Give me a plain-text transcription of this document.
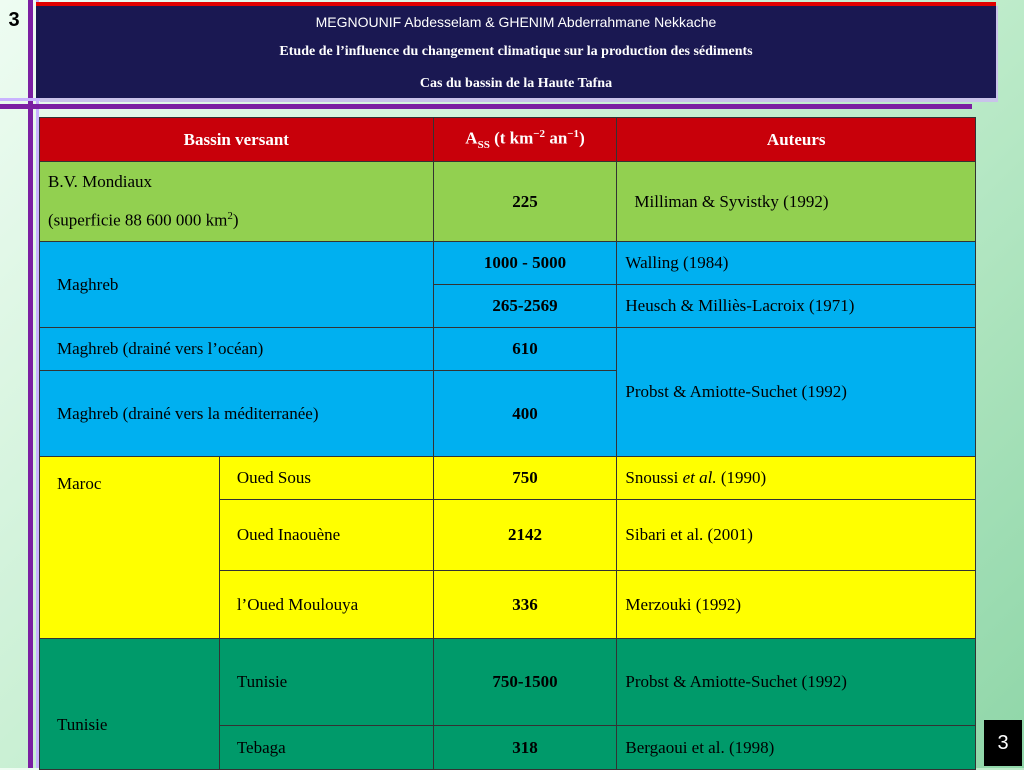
3	MEGNOUNIF Abdesselam & GHENIM Abderrahmane Nekkache
Etude de l’influence du changement climatique sur la production des sédiments
Cas du bassin de la Haute Tafna
Bassin versant		$A_{SS}$ (t $km^{-2}$ $an^{-1}$)	Auteurs

B.V. Mondiaux
(superficie 88 600 000 $km^2$)		225	Milliman & Syvistky (1992)
Maghreb		1000 - 5000	Walling (1984)
		265-2569	Heusch & Milliès-Lacroix (1971)
Maghreb (drainé vers l’océan)		610	Probst & Amiotte-Suchet (1992)
Maghreb (drainé vers la méditerranée)		400	
Maroc	Oued Sous	750	Snoussi et al. (1990)
	Oued Inaouène	2142	Sibari et al. (2001)
	l’Oued Moulouya	336	Merzouki (1992)
Tunisie	Tunisie	750-1500	Probst & Amiotte-Suchet (1992)
	Tebaga	318	Bergaoui et al. (1998)	3
